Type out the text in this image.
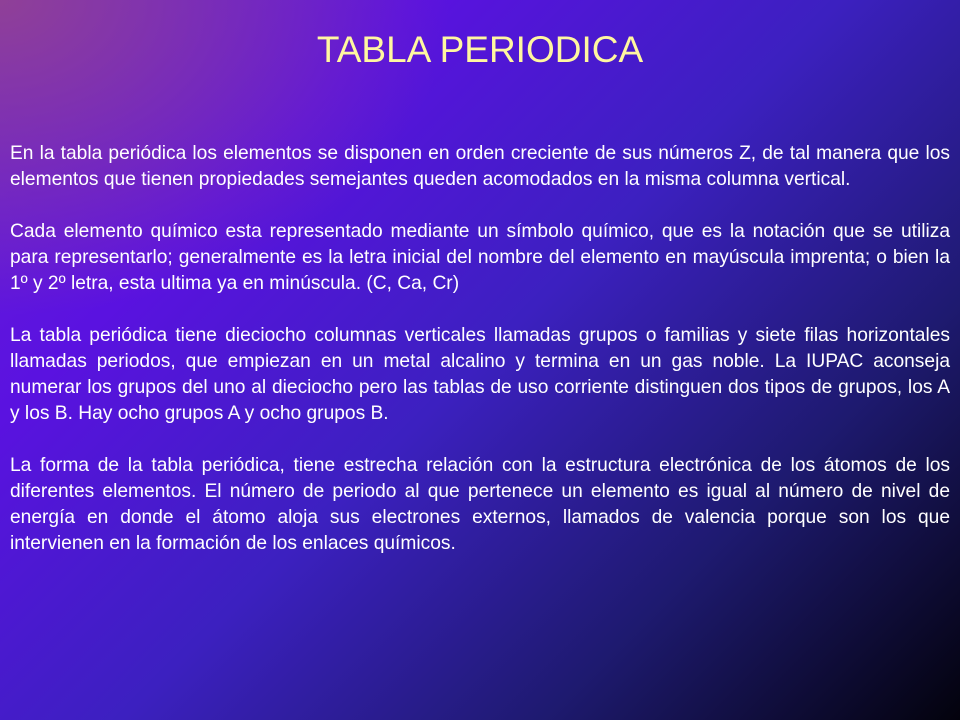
TABLA PERIODICA

En la tabla periódica los elementos se disponen en orden creciente de sus números Z, de tal manera que los elementos que tienen propiedades semejantes queden acomodados en la misma columna vertical.

Cada elemento químico esta representado mediante un símbolo químico, que es la notación que se utiliza para representarlo; generalmente es la letra inicial del nombre del elemento en mayúscula imprenta; o bien la 1º y 2º letra, esta ultima ya en minúscula. (C, Ca, Cr)

La tabla periódica tiene dieciocho columnas verticales llamadas grupos o familias y siete filas horizontales llamadas periodos, que empiezan en un metal alcalino y termina en un gas noble. La IUPAC aconseja numerar los grupos del uno al dieciocho pero las tablas de uso corriente distinguen dos tipos de grupos, los A y los B. Hay ocho grupos A y ocho grupos B.

La forma de la tabla periódica, tiene estrecha relación con la estructura electrónica de los átomos de los diferentes elementos. El número de periodo al que pertenece un elemento es igual al número de nivel de energía en donde el átomo aloja sus electrones externos, llamados de valencia porque son los que intervienen en la formación de los enlaces químicos.
